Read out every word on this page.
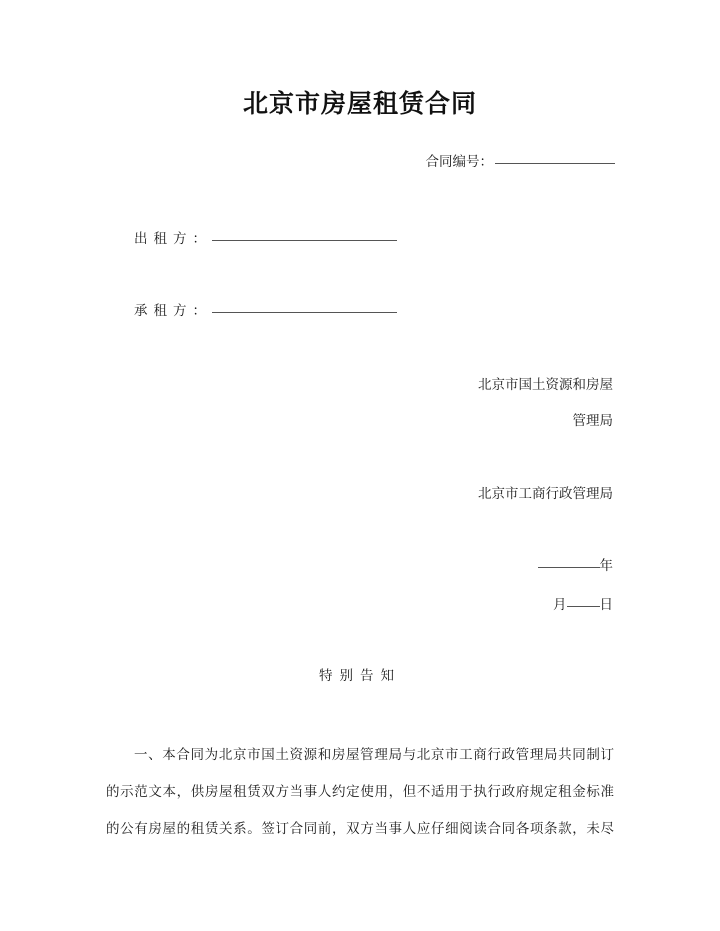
北京市房屋租赁合同
合同编号：
出租方：
承租方：
北京市国土资源和房屋
管理局
北京市工商行政管理局
年
月 日
特别告知
一、本合同为北京市国土资源和房屋管理局与北京市工商行政管理局共同制订
的示范文本，供房屋租赁双方当事人约定使用，但不适用于执行政府规定租金标准
的公有房屋的租赁关系。签订合同前，双方当事人应仔细阅读合同各项条款，未尽
